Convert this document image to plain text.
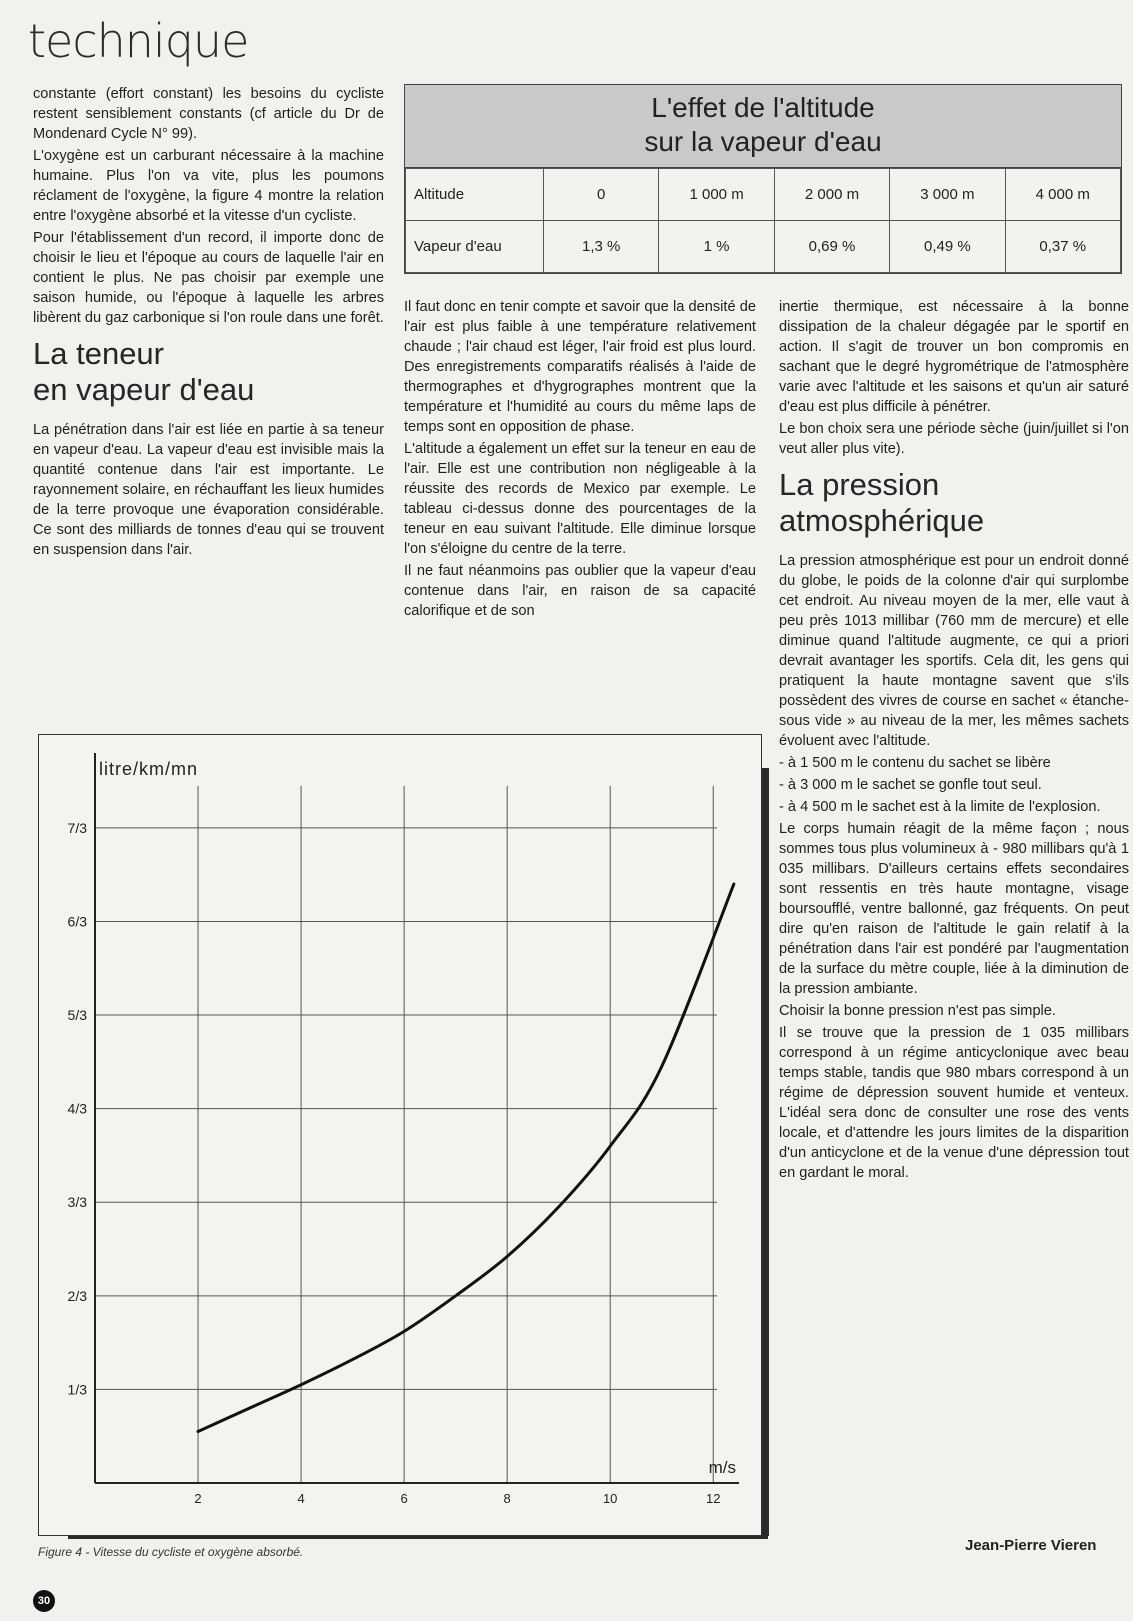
technique

constante (effort constant) les besoins du cycliste restent sensiblement constants (cf article du Dr de Mondenard Cycle N° 99).

L'oxygène est un carburant nécessaire à la machine humaine. Plus l'on va vite, plus les poumons réclament de l'oxygène, la figure 4 montre la relation entre l'oxygène absorbé et la vitesse d'un cycliste.

Pour l'établissement d'un record, il importe donc de choisir le lieu et l'époque au cours de laquelle l'air en contient le plus. Ne pas choisir par exemple une saison humide, ou l'époque à laquelle les arbres libèrent du gaz carbonique si l'on roule dans une forêt.

La teneur
en vapeur d'eau

La pénétration dans l'air est liée en partie à sa teneur en vapeur d'eau. La vapeur d'eau est invisible mais la quantité contenue dans l'air est importante. Le rayonnement solaire, en réchauffant les lieux humides de la terre provoque une évaporation considérable. Ce sont des milliards de tonnes d'eau qui se trouvent en suspension dans l'air.

L'effet de l'altitude
sur la vapeur d'eau
Altitude	0	1 000 m	2 000 m	3 000 m	4 000 m
Vapeur d'eau	1,3 %	1 %	0,69 %	0,49 %	0,37 %

Il faut donc en tenir compte et savoir que la densité de l'air est plus faible à une température relativement chaude ; l'air chaud est léger, l'air froid est plus lourd. Des enregistrements comparatifs réalisés à l'aide de thermographes et d'hygrographes montrent que la température et l'humidité au cours du même laps de temps sont en opposition de phase.

L'altitude a également un effet sur la teneur en eau de l'air. Elle est une contribution non négligeable à la réussite des records de Mexico par exemple. Le tableau ci-dessus donne des pourcentages de la teneur en eau suivant l'altitude. Elle diminue lorsque l'on s'éloigne du centre de la terre.

Il ne faut néanmoins pas oublier que la vapeur d'eau contenue dans l'air, en raison de sa capacité calorifique et de son

inertie thermique, est nécessaire à la bonne dissipation de la chaleur dégagée par le sportif en action. Il s'agit de trouver un bon compromis en sachant que le degré hygrométrique de l'atmosphère varie avec l'altitude et les saisons et qu'un air saturé d'eau est plus difficile à pénétrer.

Le bon choix sera une période sèche (juin/juillet si l'on veut aller plus vite).

La pression
atmosphérique

La pression atmosphérique est pour un endroit donné du globe, le poids de la colonne d'air qui surplombe cet endroit. Au niveau moyen de la mer, elle vaut à peu près 1013 millibar (760 mm de mercure) et elle diminue quand l'altitude augmente, ce qui a priori devrait avantager les sportifs. Cela dit, les gens qui pratiquent la haute montagne savent que s'ils possèdent des vivres de course en sachet « étanche-sous vide » au niveau de la mer, les mêmes sachets évoluent avec l'altitude.

- à 1 500 m le contenu du sachet se libère

- à 3 000 m le sachet se gonfle tout seul.

- à 4 500 m le sachet est à la limite de l'explosion.

Le corps humain réagit de la même façon ; nous sommes tous plus volumineux à - 980 millibars qu'à 1 035 millibars. D'ailleurs certains effets secondaires sont ressentis en très haute montagne, visage boursoufflé, ventre ballonné, gaz fréquents. On peut dire qu'en raison de l'altitude le gain relatif à la pénétration dans l'air est pondéré par l'augmentation de la surface du mètre couple, liée à la diminution de la pression ambiante.

Choisir la bonne pression n'est pas simple.

Il se trouve que la pression de 1 035 millibars correspond à un régime anticyclonique avec beau temps stable, tandis que 980 mbars correspond à un régime de dépression souvent humide et venteux. L'idéal sera donc de consulter une rose des vents locale, et d'attendre les jours limites de la disparition d'un anticyclone et de la venue d'une dépression tout en gardant le moral.

2	4	6	8	10	12
1/3
2/3
3/3
4/3
5/3
6/3
7/3
litre/km/mn
m/s
Figure 4 - Vitesse du cycliste et oxygène absorbé.	Jean-Pierre Vieren
30
